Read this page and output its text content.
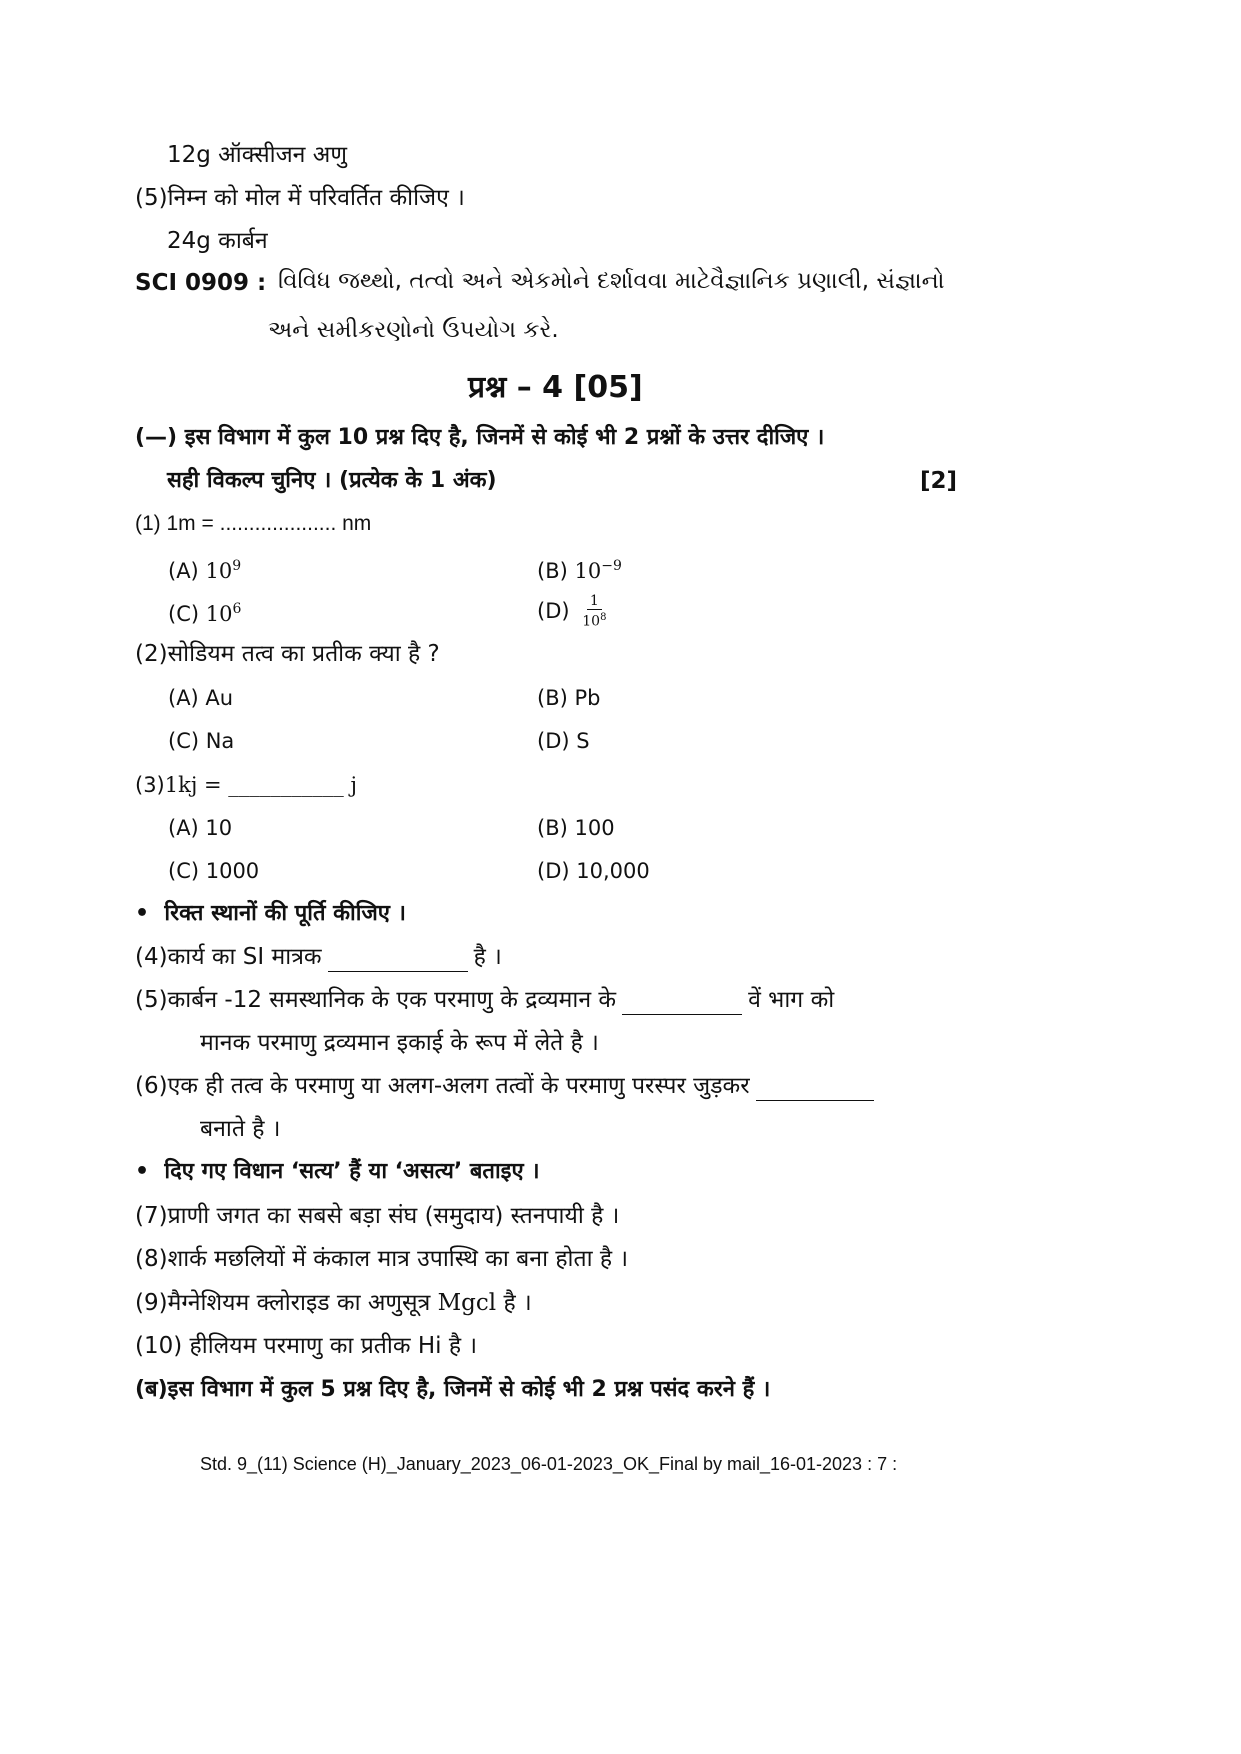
12g ऑक्सीजन अणु
(5)निम्न को मोल में परिवर्तित कीजिए ।
24g कार्बन
SCI 0909 : વિવિધ જથ્થો, તત્વો અને એકમોને દર્શાવવા માટેવૈજ્ઞાનિક પ્રણાલી, સંજ્ઞાનો
અને સમીકરણોનો ઉપયોગ કરે.
प्रश्न – 4 [05]
(—) इस विभाग में कुल 10 प्रश्न दिए है, जिनमें से कोई भी 2 प्रश्नों के उत्तर दीजिए ।
सही विकल्प चुनिए । (प्रत्येक के 1 अंक)	[2]
(1) 1m = .................... nm
(A) $10^9$	(B) $10^{-9}$
(C) $10^6$	$(D) \frac{1}{10^8}$
(2)सोडियम तत्व का प्रतीक क्या है ?
(A) Au	(B) Pb
(C) Na	(D) S
(3)1kj = ___________ j
(A) 10	(B) 100
(C) 1000	(D) 10,000
•  रिक्त स्थानों की पूर्ति कीजिए ।
(4)कार्य का SI मात्रक	है ।
(5)कार्बन -12 समस्थानिक के एक परमाणु के द्रव्यमान के	वें भाग को
मानक परमाणु द्रव्यमान इकाई के रूप में लेते है ।
(6)एक ही तत्व के परमाणु या अलग-अलग तत्वों के परमाणु परस्पर जुड़कर
बनाते है ।
•  दिए गए विधान ‘सत्य’ हैं या ‘असत्य’ बताइए ।
(7)प्राणी जगत का सबसे बड़ा संघ (समुदाय) स्तनपायी है ।
(8)शार्क मछलियों में कंकाल मात्र उपास्थि का बना होता है ।
(9)मैग्नेशियम क्लोराइड का अणुसूत्र Mgcl है ।
(10) हीलियम परमाणु का प्रतीक Hi है ।
(ब)इस विभाग में कुल 5 प्रश्न दिए है, जिनमें से कोई भी 2 प्रश्न पसंद करने हैं ।
Std. 9_(11) Science (H)_January_2023_06-01-2023_OK_Final by mail_16-01-2023 : 7 :
